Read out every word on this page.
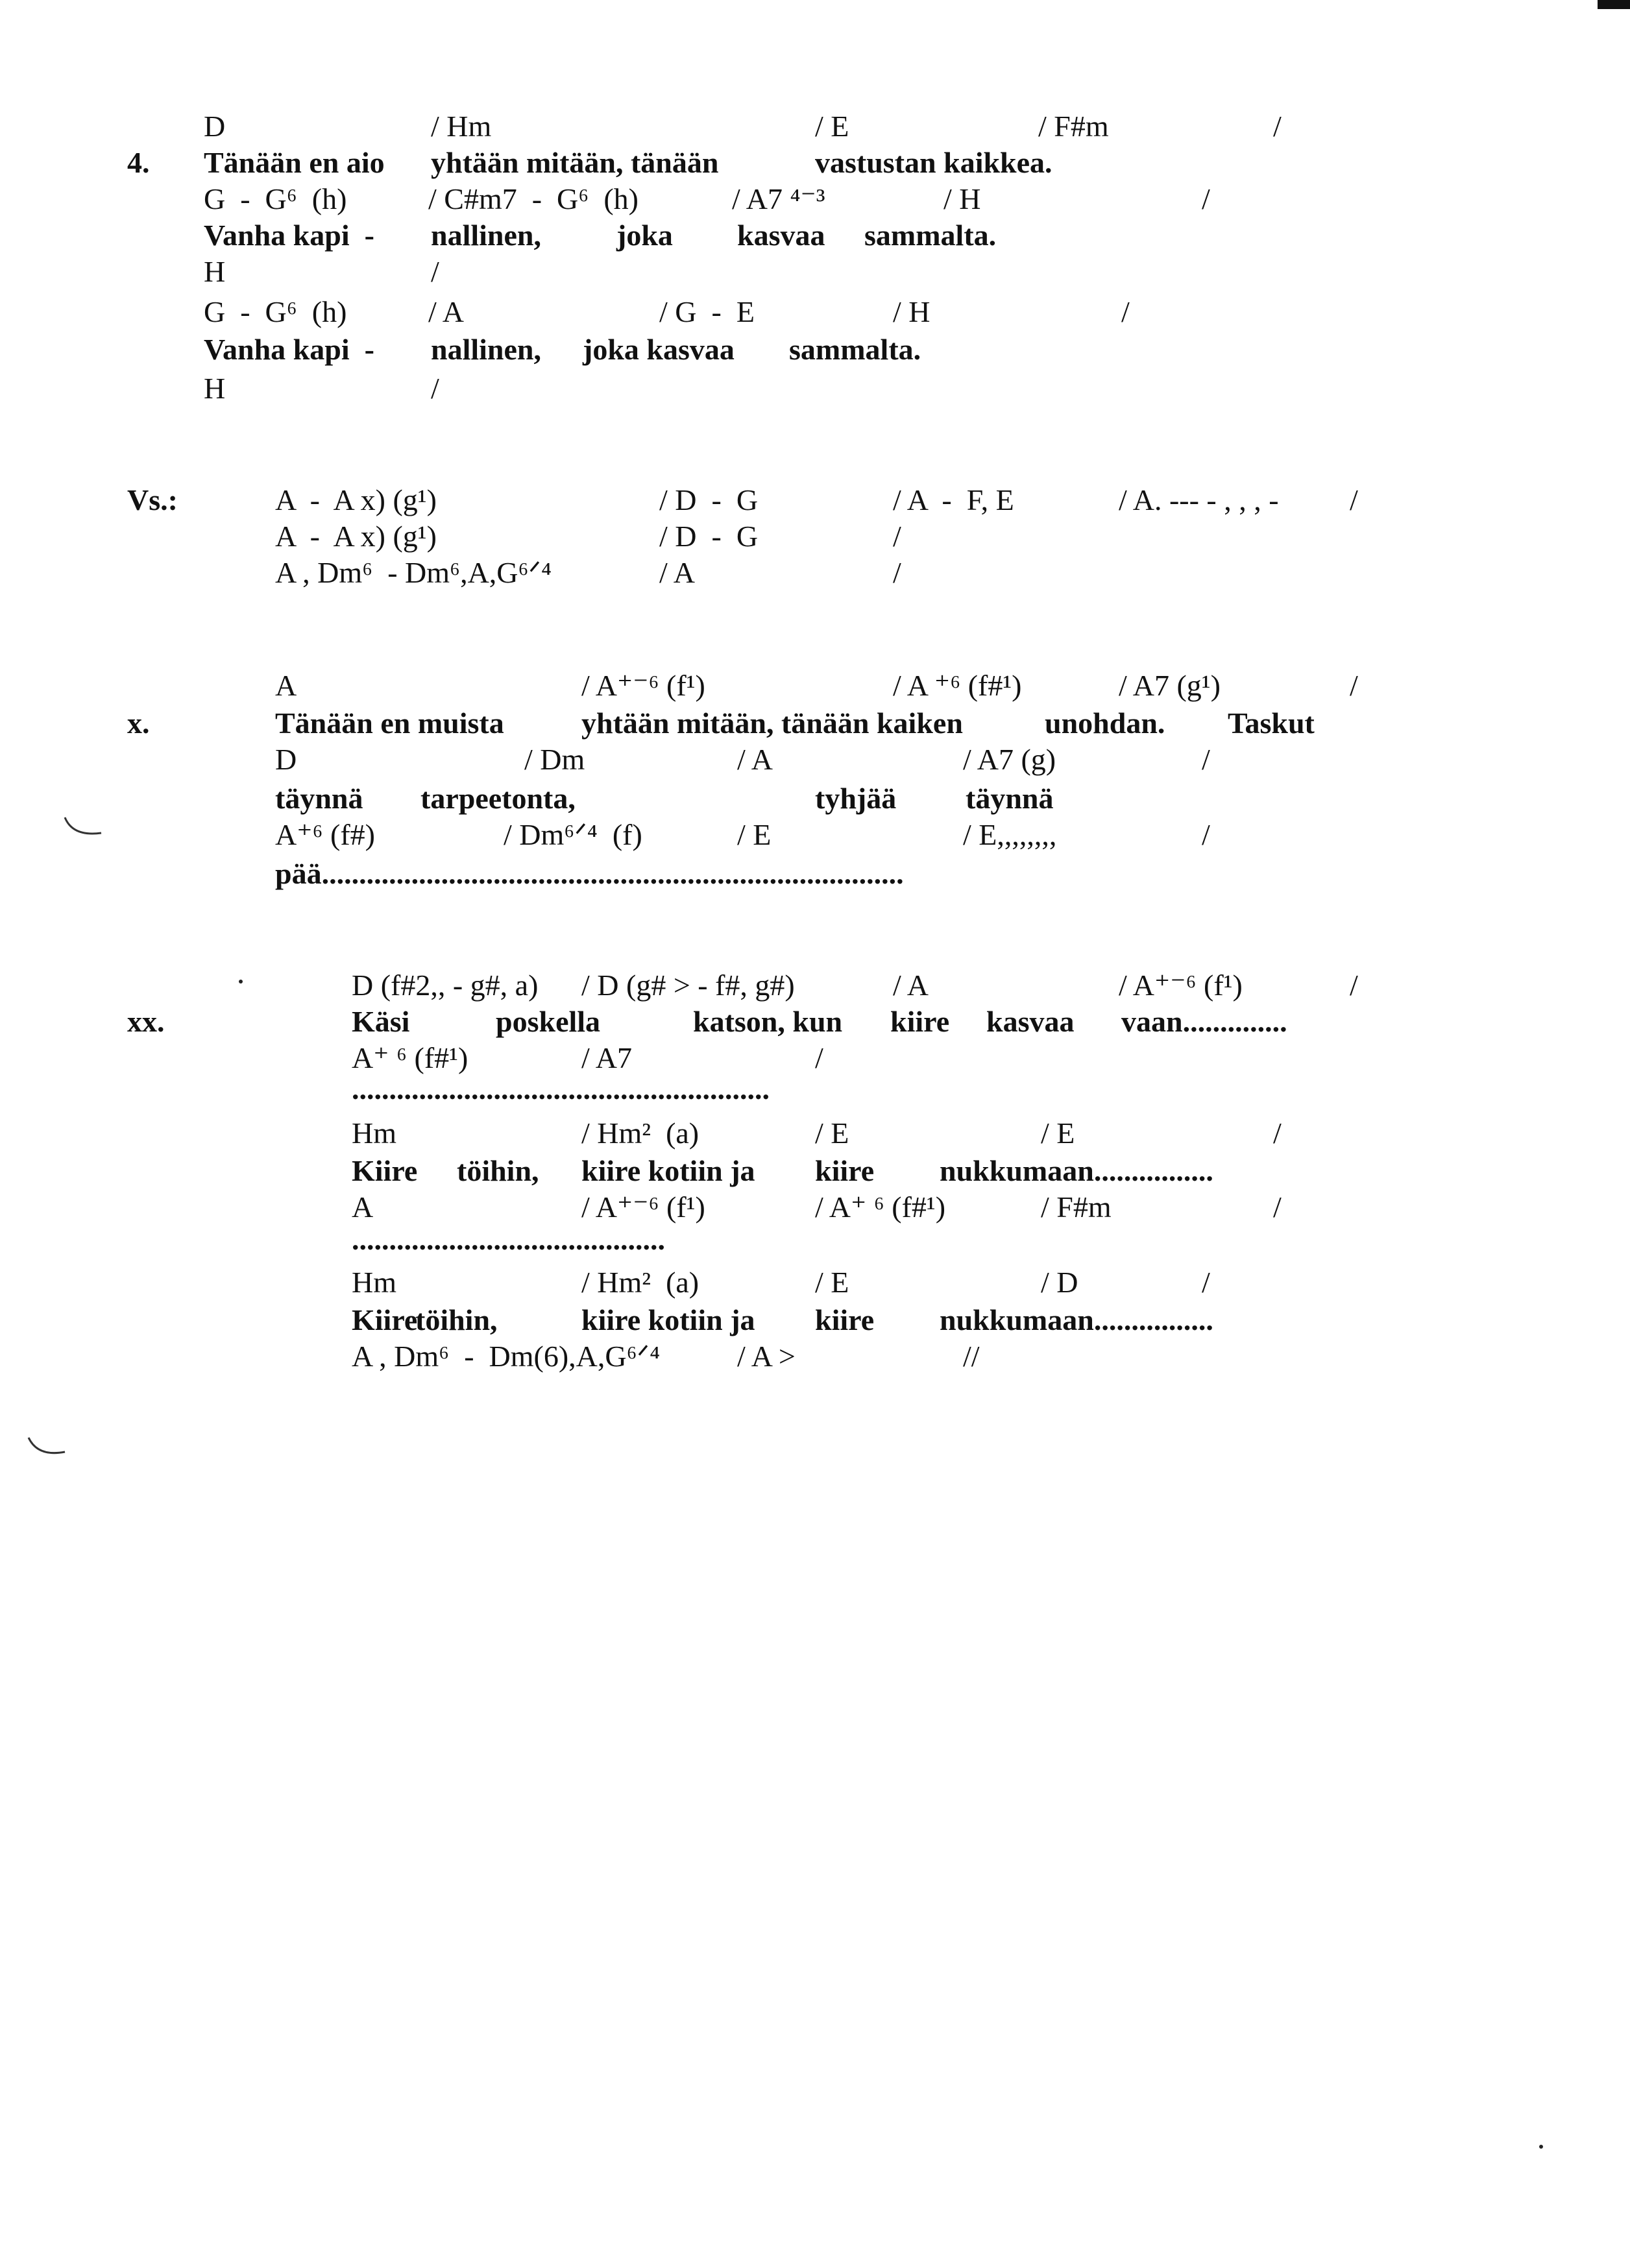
D	/ Hm	/ E	/ F#m	/
4. Tänään en aio yhtään mitään, tänään	vastustan kaikkea.
G  -  G⁶  (h)	/ C#m7  -  G⁶  (h)	/ A7 ⁴⁻³	/ H	/
Vanha kapi  - nallinen,	joka kasvaa sammalta.
H	/
G  -  G⁶  (h)	/ A	/ G  -  E	/ H	/
Vanha kapi  - nallinen, joka kasvaa sammalta.
H	/
Vs.:	A  -  A x) (g¹)	/ D  -  G	/ A  -  F, E	/ A. --- - , , , - /
A  -  A x) (g¹)	/ D  -  G	/
A , Dm⁶  - Dm⁶,A,G⁶ᐟ⁴	/ A	/
A	/ A⁺⁻⁶ (f¹)	/ A ⁺⁶ (f#¹)	/ A7 (g¹)	/
x.	Tänään en muista	yhtään mitään, tänään kaiken	unohdan. Taskut
D	/ Dm	/ A	/ A7 (g)	/
täynnä tarpeetonta,	tyhjää täynnä
A⁺⁶ (f#)	/ Dm⁶ᐟ⁴  (f)	/ E	/ E,,,,,,,,	/
pää..............................................................................
D (f#2,, - g#, a) / D (g# > - f#, g#)	/ A	/ A⁺⁻⁶ (f¹)	/
xx.	Käsi	poskella	katson, kun kiire kasvaa vaan..............
A⁺ ⁶ (f#¹)	/ A7	/
........................................................
Hm	/ Hm²  (a)	/ E	/ E	/
Kiire töihin, kiire kotiin ja kiire nukkumaan................
A	/ A⁺⁻⁶ (f¹)	/ A⁺ ⁶ (f#¹)	/ F#m	/
..........................................
Hm	/ Hm²  (a)	/ E	/ D	/
Kiire
töihin,	kiire kotiin ja kiire nukkumaan................
A , Dm⁶  -  Dm(6),A,G⁶ᐟ⁴	/ A >	//
